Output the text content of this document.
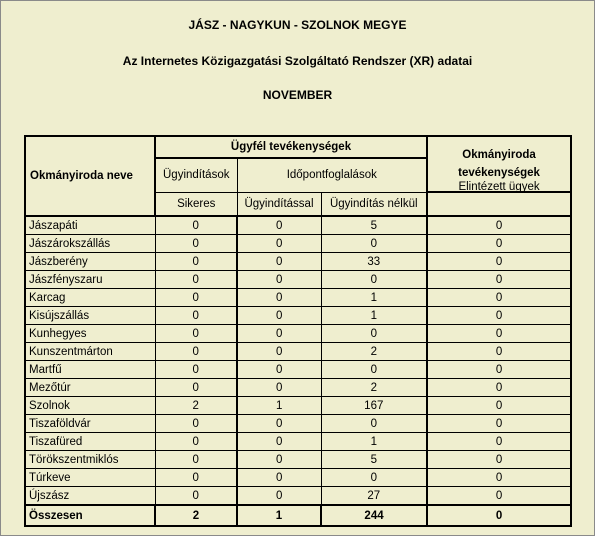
JÁSZ - NAGYKUN - SZOLNOK MEGYE
Az Internetes Közigazgatási Szolgáltató Rendszer (XR) adatai
NOVEMBER
Okmányiroda neve	Ügyfél tevékenységek			Okmányiroda tevékenységek
	Ügyindítások	Időpontfoglalások		
	Sikeres	Ügyindítással	Ügyindítás nélkül	Elintézett ügyek
Jászapáti	0	0	5	0
Jászárokszállás	0	0	0	0
Jászberény	0	0	33	0
Jászfényszaru	0	0	0	0
Karcag	0	0	1	0
Kisújszállás	0	0	1	0
Kunhegyes	0	0	0	0
Kunszentmárton	0	0	2	0
Martfű	0	0	0	0
Mezőtúr	0	0	2	0
Szolnok	2	1	167	0
Tiszaföldvár	0	0	0	0
Tiszafüred	0	0	1	0
Törökszentmiklós	0	0	5	0
Túrkeve	0	0	0	0
Újszász	0	0	27	0
Összesen	2	1	244	0
